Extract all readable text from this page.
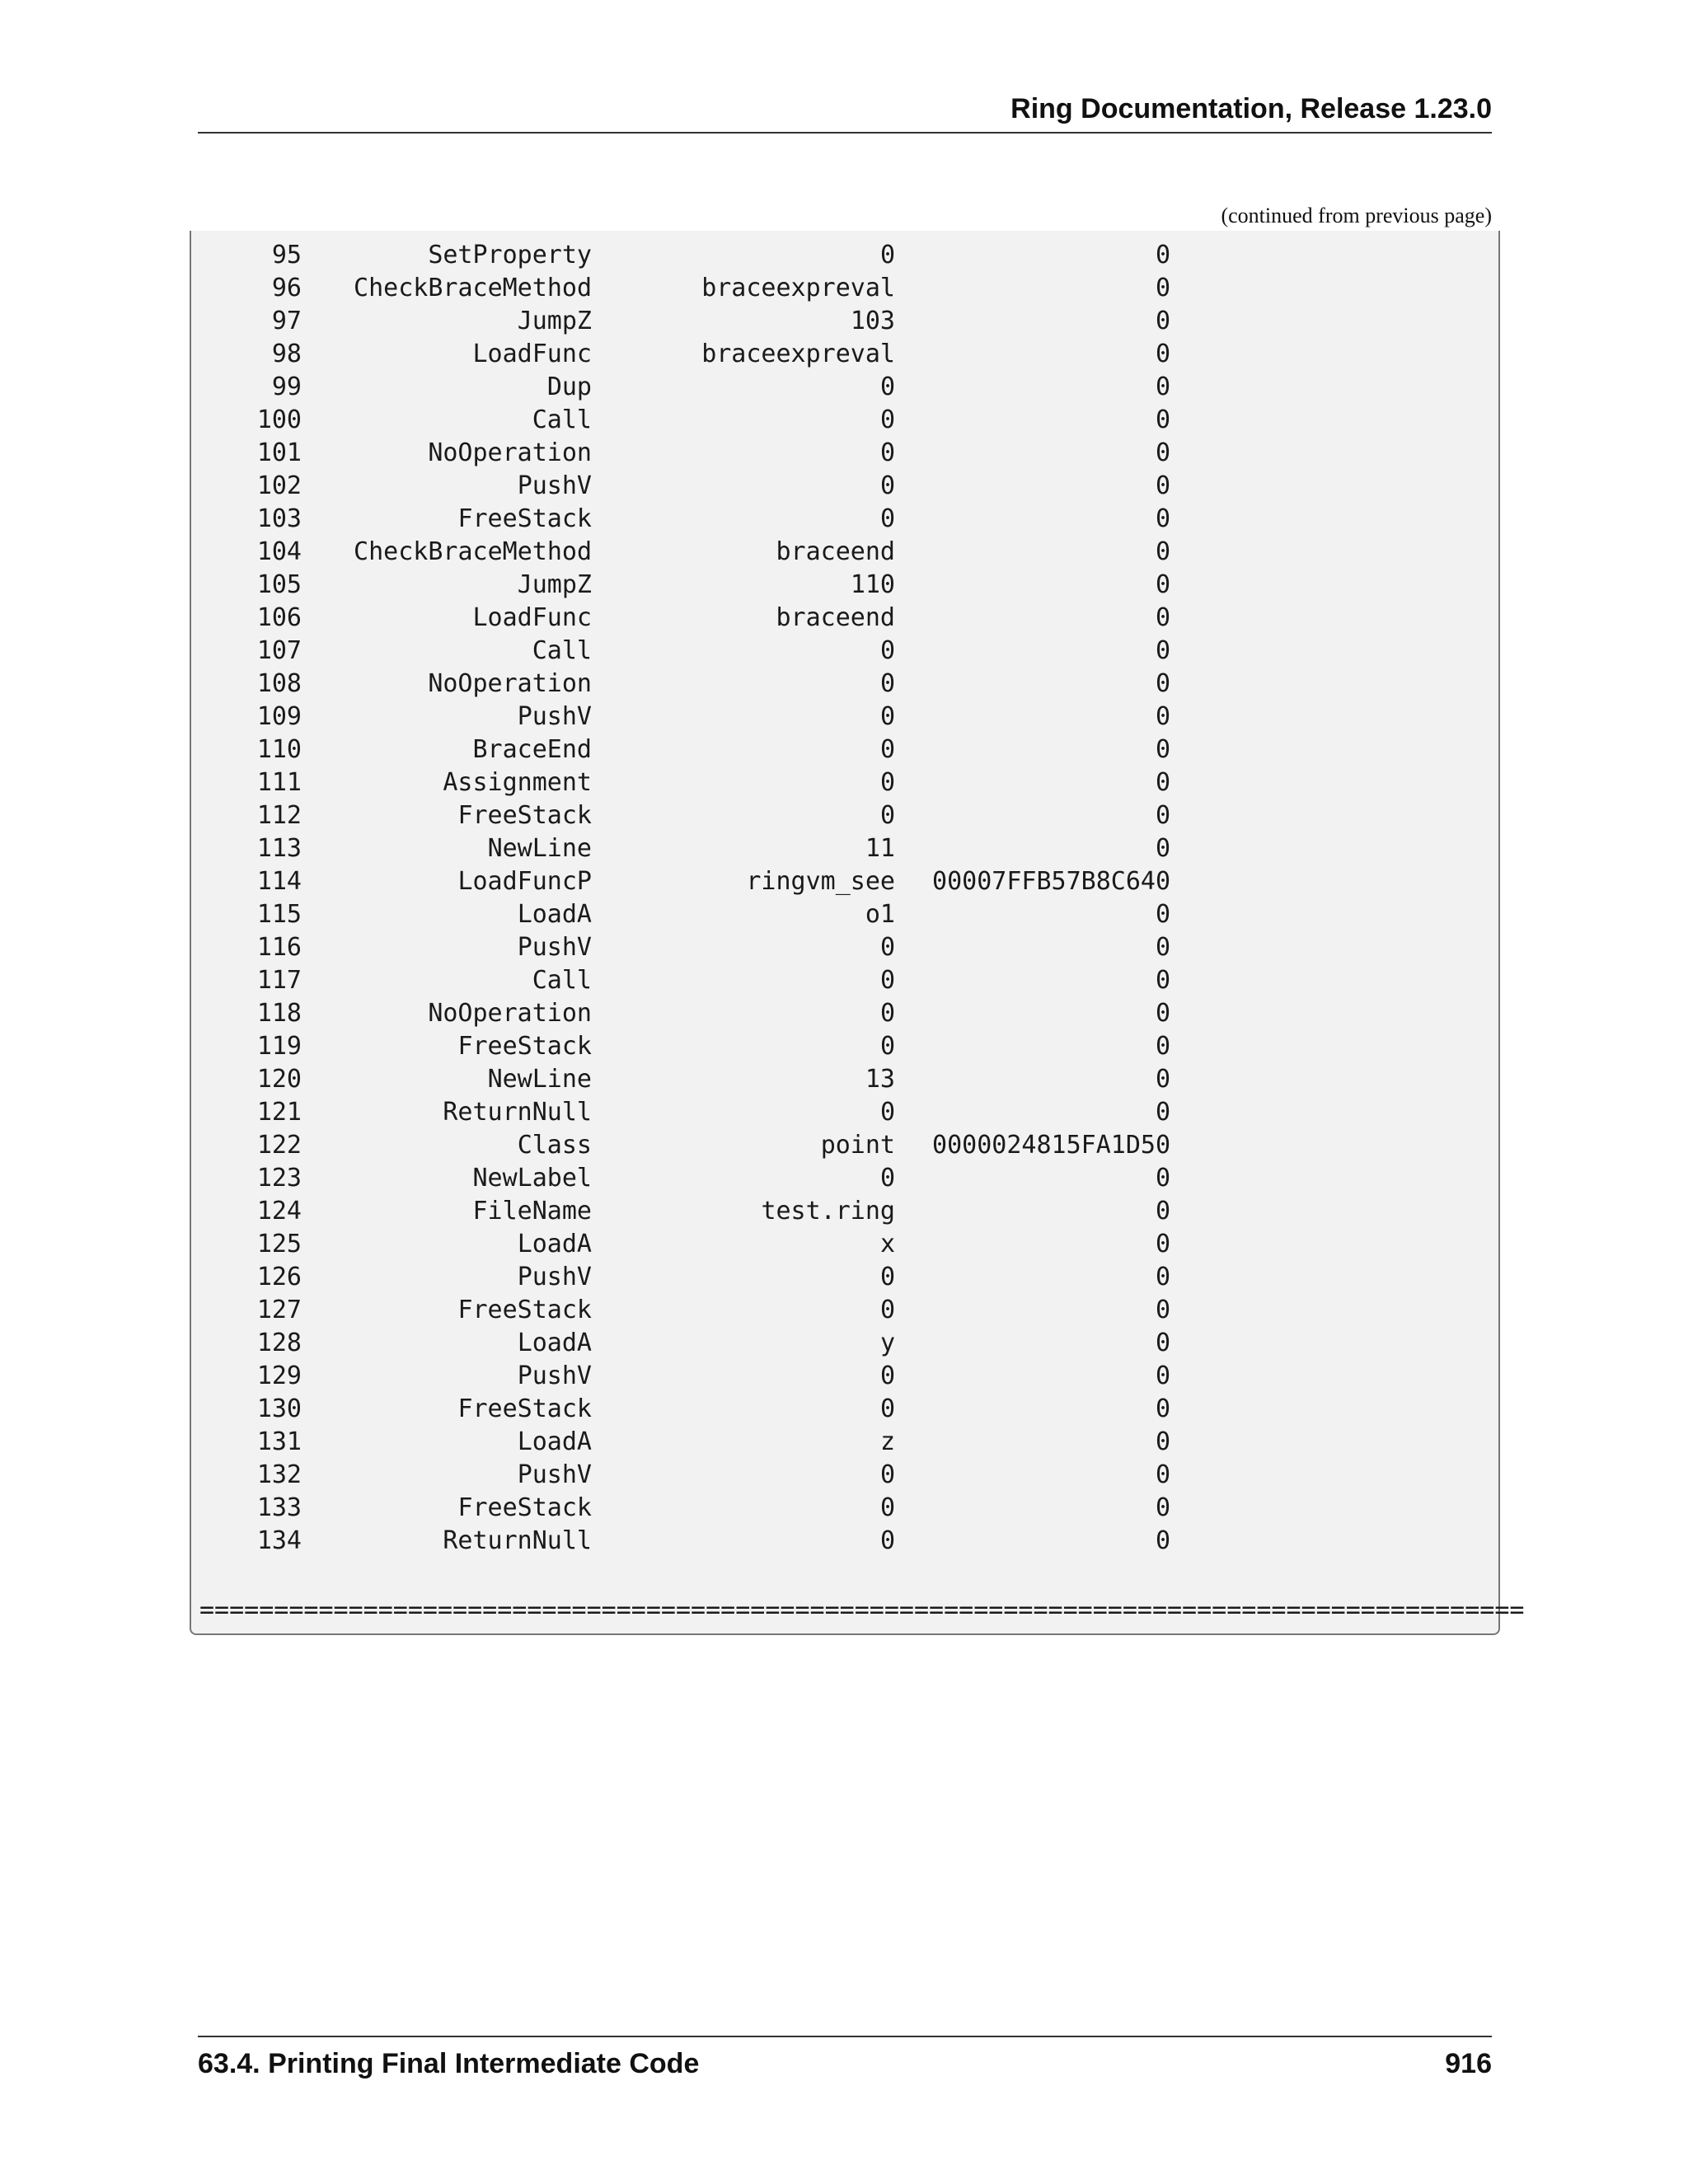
Ring Documentation, Release 1.23.0
(continued from previous page)
95	SetProperty	0	0
96	CheckBraceMethod	braceexpreval	0
97	JumpZ	103	0
98	LoadFunc	braceexpreval	0
99	Dup	0	0
100	Call	0	0
101	NoOperation	0	0
102	PushV	0	0
103	FreeStack	0	0
104	CheckBraceMethod	braceend	0
105	JumpZ	110	0
106	LoadFunc	braceend	0
107	Call	0	0
108	NoOperation	0	0
109	PushV	0	0
110	BraceEnd	0	0
111	Assignment	0	0
112	FreeStack	0	0
113	NewLine	11	0
114	LoadFuncP	ringvm_see	00007FFB57B8C640
115	LoadA	o1	0
116	PushV	0	0
117	Call	0	0
118	NoOperation	0	0
119	FreeStack	0	0
120	NewLine	13	0
121	ReturnNull	0	0
122	Class	point	0000024815FA1D50
123	NewLabel	0	0
124	FileName	test.ring	0
125	LoadA	x	0
126	PushV	0	0
127	FreeStack	0	0
128	LoadA	y	0
129	PushV	0	0
130	FreeStack	0	0
131	LoadA	z	0
132	PushV	0	0
133	FreeStack	0	0
134	ReturnNull	0	0
=========================================================================================
63.4. Printing Final Intermediate Code	916
